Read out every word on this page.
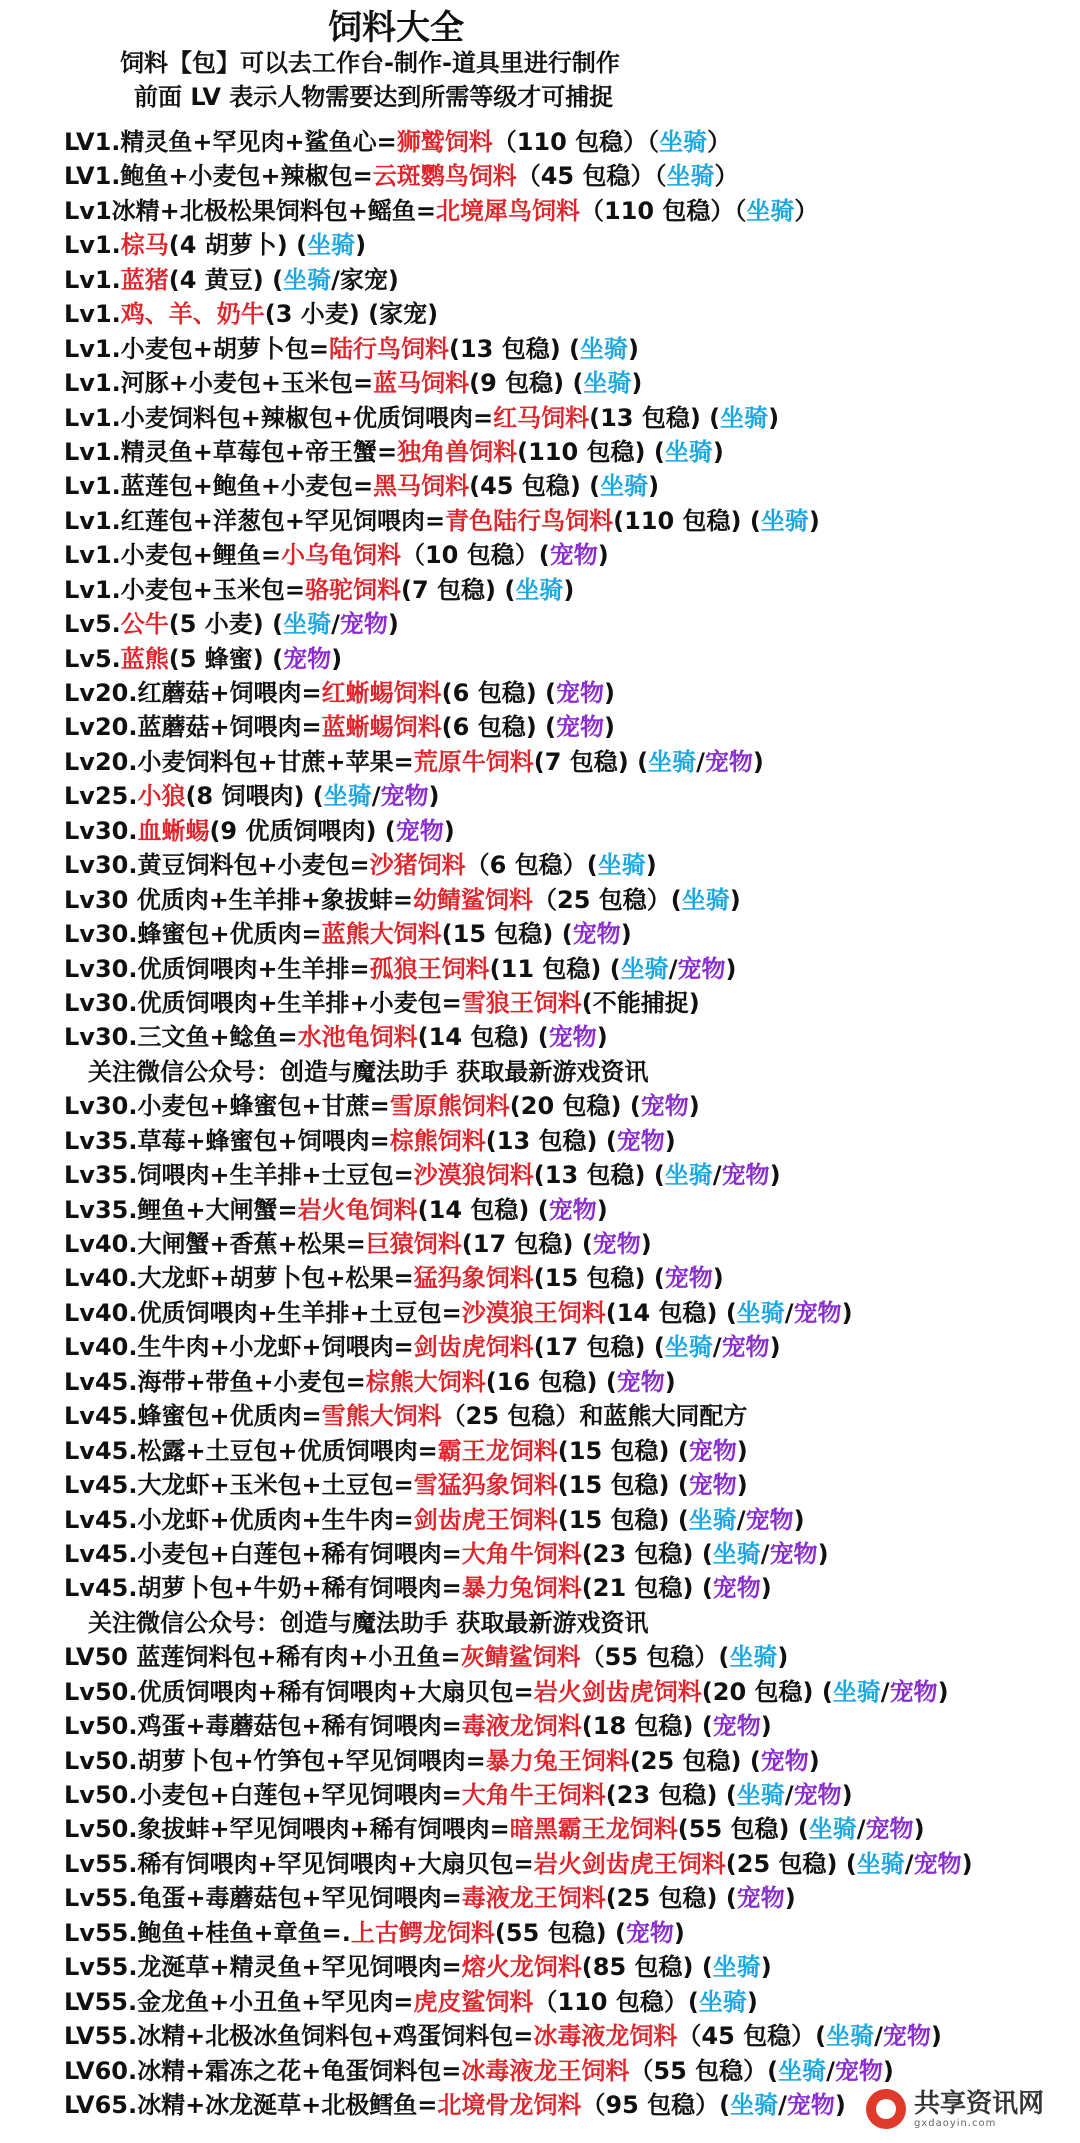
饲料大全
饲料【包】可以去工作台-制作-道具里进行制作
前面 LV 表示人物需要达到所需等级才可捕捉
LV1.精灵鱼+罕见肉+鲨鱼心=狮鹫饲料（110 包稳）（坐骑）
LV1.鲍鱼+小麦包+辣椒包=云斑鹦鸟饲料（45 包稳）（坐骑）
Lv1冰精+北极松果饲料包+鳐鱼=北境犀鸟饲料（110 包稳）（坐骑）
Lv1.棕马(4 胡萝卜) (坐骑)
Lv1.蓝猪(4 黄豆) (坐骑/家宠)
Lv1.鸡、羊、奶牛(3 小麦) (家宠)
Lv1.小麦包+胡萝卜包=陆行鸟饲料(13 包稳) (坐骑)
Lv1.河豚+小麦包+玉米包=蓝马饲料(9 包稳) (坐骑)
Lv1.小麦饲料包+辣椒包+优质饲喂肉=红马饲料(13 包稳) (坐骑)
Lv1.精灵鱼+草莓包+帝王蟹=独角兽饲料(110 包稳) (坐骑)
Lv1.蓝莲包+鲍鱼+小麦包=黑马饲料(45 包稳) (坐骑)
Lv1.红莲包+洋葱包+罕见饲喂肉=青色陆行鸟饲料(110 包稳) (坐骑)
Lv1.小麦包+鲤鱼=小乌龟饲料（10 包稳）(宠物)
Lv1.小麦包+玉米包=骆驼饲料(7 包稳) (坐骑)
Lv5.公牛(5 小麦) (坐骑/宠物)
Lv5.蓝熊(5 蜂蜜) (宠物)
Lv20.红蘑菇+饲喂肉=红蜥蜴饲料(6 包稳) (宠物)
Lv20.蓝蘑菇+饲喂肉=蓝蜥蜴饲料(6 包稳) (宠物)
Lv20.小麦饲料包+甘蔗+苹果=荒原牛饲料(7 包稳) (坐骑/宠物)
Lv25.小狼(8 饲喂肉) (坐骑/宠物)
Lv30.血蜥蜴(9 优质饲喂肉) (宠物)
Lv30.黄豆饲料包+小麦包=沙猪饲料（6 包稳）(坐骑)
Lv30 优质肉+生羊排+象拔蚌=幼鲭鲨饲料（25 包稳）(坐骑)
Lv30.蜂蜜包+优质肉=蓝熊大饲料(15 包稳) (宠物)
Lv30.优质饲喂肉+生羊排=孤狼王饲料(11 包稳) (坐骑/宠物)
Lv30.优质饲喂肉+生羊排+小麦包=雪狼王饲料(不能捕捉)
Lv30.三文鱼+鲶鱼=水池龟饲料(14 包稳) (宠物)
关注微信公众号：创造与魔法助手 获取最新游戏资讯
Lv30.小麦包+蜂蜜包+甘蔗=雪原熊饲料(20 包稳) (宠物)
Lv35.草莓+蜂蜜包+饲喂肉=棕熊饲料(13 包稳) (宠物)
Lv35.饲喂肉+生羊排+士豆包=沙漠狼饲料(13 包稳) (坐骑/宠物)
Lv35.鲤鱼+大闸蟹=岩火龟饲料(14 包稳) (宠物)
Lv40.大闸蟹+香蕉+松果=巨猿饲料(17 包稳) (宠物)
Lv40.大龙虾+胡萝卜包+松果=猛犸象饲料(15 包稳) (宠物)
Lv40.优质饲喂肉+生羊排+土豆包=沙漠狼王饲料(14 包稳) (坐骑/宠物)
Lv40.生牛肉+小龙虾+饲喂肉=剑齿虎饲料(17 包稳) (坐骑/宠物)
Lv45.海带+带鱼+小麦包=棕熊大饲料(16 包稳) (宠物)
Lv45.蜂蜜包+优质肉=雪熊大饲料（25 包稳）和蓝熊大同配方
Lv45.松露+土豆包+优质饲喂肉=霸王龙饲料(15 包稳) (宠物)
Lv45.大龙虾+玉米包+土豆包=雪猛犸象饲料(15 包稳) (宠物)
Lv45.小龙虾+优质肉+生牛肉=剑齿虎王饲料(15 包稳) (坐骑/宠物)
Lv45.小麦包+白莲包+稀有饲喂肉=大角牛饲料(23 包稳) (坐骑/宠物)
Lv45.胡萝卜包+牛奶+稀有饲喂肉=暴力兔饲料(21 包稳) (宠物)
关注微信公众号：创造与魔法助手 获取最新游戏资讯
LV50 蓝莲饲料包+稀有肉+小丑鱼=灰鲭鲨饲料（55 包稳）(坐骑)
Lv50.优质饲喂肉+稀有饲喂肉+大扇贝包=岩火剑齿虎饲料(20 包稳) (坐骑/宠物)
Lv50.鸡蛋+毒蘑菇包+稀有饲喂肉=毒液龙饲料(18 包稳) (宠物)
Lv50.胡萝卜包+竹笋包+罕见饲喂肉=暴力兔王饲料(25 包稳) (宠物)
Lv50.小麦包+白莲包+罕见饲喂肉=大角牛王饲料(23 包稳) (坐骑/宠物)
Lv50.象拔蚌+罕见饲喂肉+稀有饲喂肉=暗黑霸王龙饲料(55 包稳) (坐骑/宠物)
Lv55.稀有饲喂肉+罕见饲喂肉+大扇贝包=岩火剑齿虎王饲料(25 包稳) (坐骑/宠物)
Lv55.龟蛋+毒蘑菇包+罕见饲喂肉=毒液龙王饲料(25 包稳) (宠物)
Lv55.鲍鱼+桂鱼+章鱼=.上古鳄龙饲料(55 包稳) (宠物)
Lv55.龙涎草+精灵鱼+罕见饲喂肉=熔火龙饲料(85 包稳) (坐骑)
LV55.金龙鱼+小丑鱼+罕见肉=虎皮鲨饲料（110 包稳）(坐骑)
LV55.冰精+北极冰鱼饲料包+鸡蛋饲料包=冰毒液龙饲料（45 包稳）(坐骑/宠物)
LV60.冰精+霜冻之花+龟蛋饲料包=冰毒液龙王饲料（55 包稳）(坐骑/宠物)
LV65.冰精+冰龙涎草+北极鳕鱼=北境骨龙饲料（95 包稳）(坐骑/宠物)	共享资讯网
gxdaoyin.com
